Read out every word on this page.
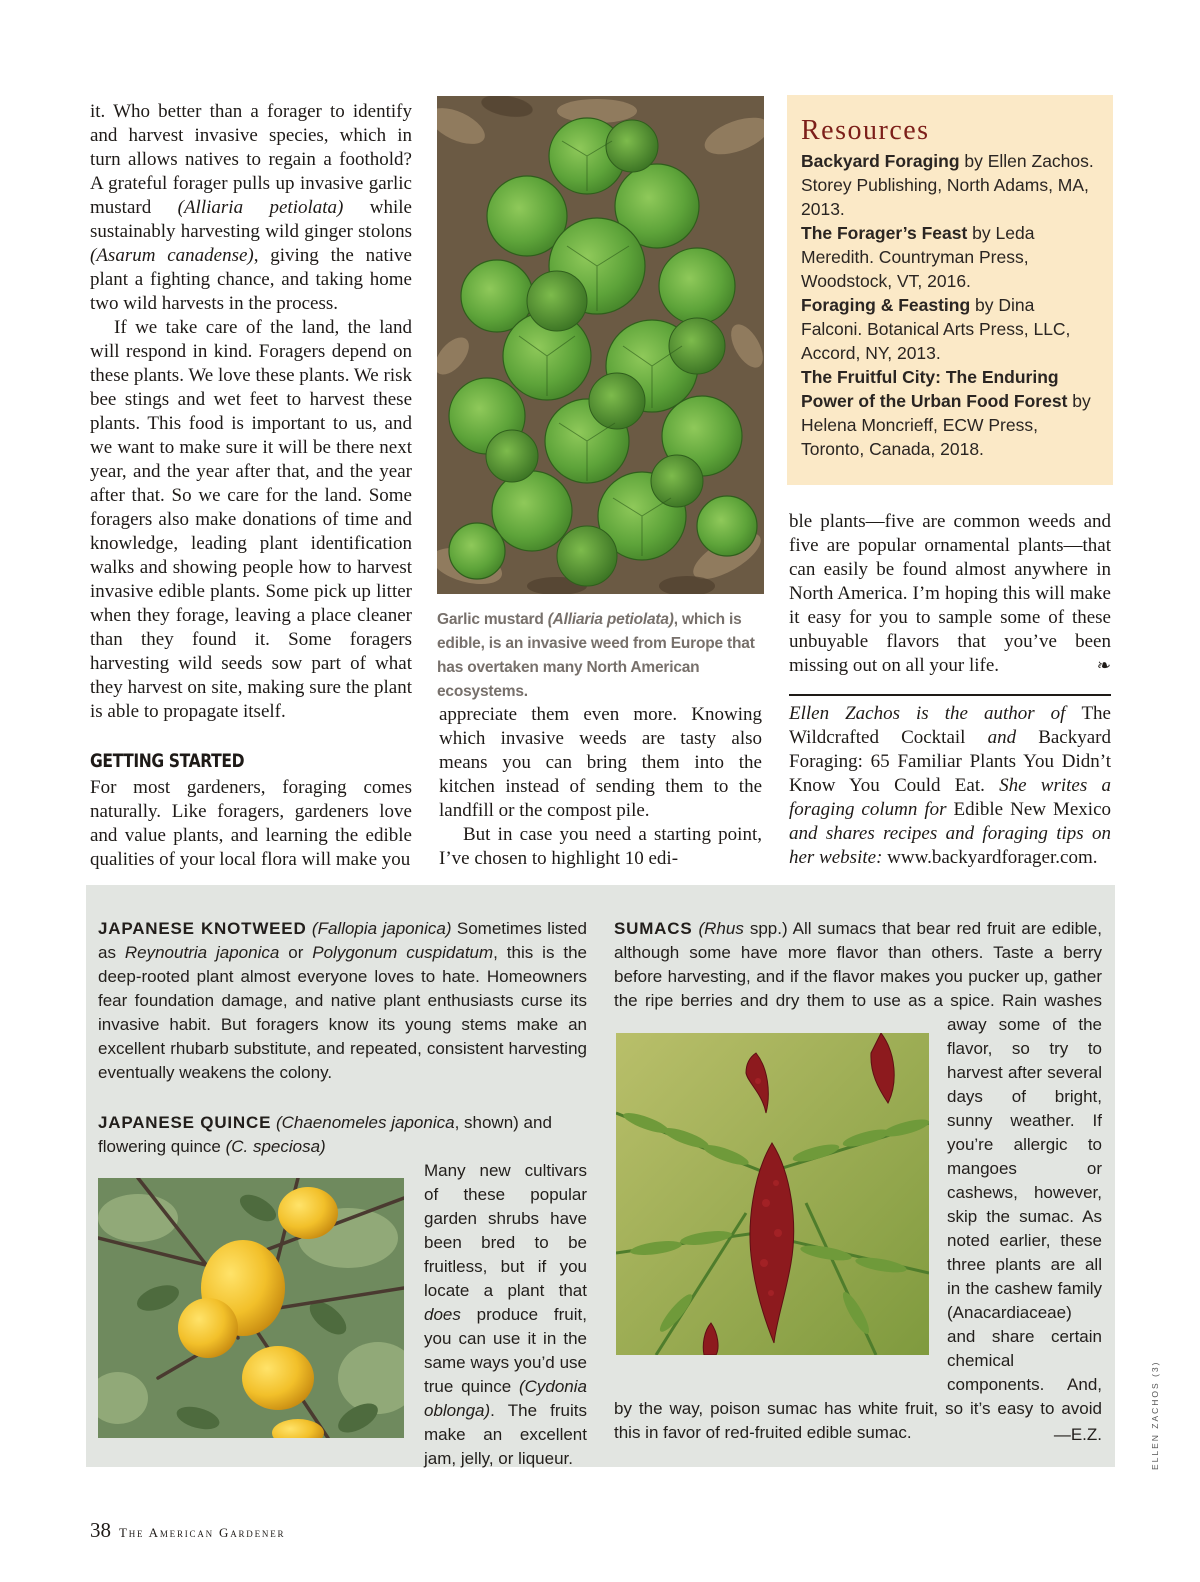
it. Who better than a forager to identify and harvest invasive species, which in turn allows natives to regain a foothold? A grateful forager pulls up invasive garlic mustard (Alliaria petiolata) while sustainably harvesting wild ginger stolons (Asarum canadense), giving the native plant a fighting chance, and taking home two wild harvests in the process.

If we take care of the land, the land will respond in kind. Foragers depend on these plants. We love these plants. We risk bee stings and wet feet to harvest these plants. This food is important to us, and we want to make sure it will be there next year, and the year after that, and the year after that. So we care for the land. Some foragers also make donations of time and knowledge, leading plant identification walks and showing people how to harvest invasive edible plants. Some pick up litter when they forage, leaving a place cleaner than they found it. Some foragers harvesting wild seeds sow part of what they harvest on site, making sure the plant is able to propagate itself.

GETTING STARTED

For most gardeners, foraging comes naturally. Like foragers, gardeners love and value plants, and learning the edible qualities of your local flora will make you

Garlic mustard (Alliaria petiolata), which is edible, is an invasive weed from Europe that has overtaken many North American ecosystems.

appreciate them even more. Knowing which invasive weeds are tasty also means you can bring them into the kitchen instead of sending them to the landfill or the compost pile.

But in case you need a starting point, I’ve chosen to highlight 10 edi-

Resources

Backyard Foraging by Ellen Zachos. Storey Publishing, North Adams, MA, 2013.

The Forager’s Feast by Leda Meredith. Countryman Press, Woodstock, VT, 2016.

Foraging & Feasting by Dina Falconi. Botanical Arts Press, LLC, Accord, NY, 2013.

The Fruitful City: The Enduring Power of the Urban Food Forest by Helena Moncrieff, ECW Press, Toronto, Canada, 2018.

ble plants—five are common weeds and five are popular ornamental plants—that can easily be found almost anywhere in North America. I’m hoping this will make it easy for you to sample some of these unbuyable flavors that you’ve been missing out on all your life.	❧

Ellen Zachos is the author of The Wildcrafted Cocktail and Backyard Foraging: 65 Familiar Plants You Didn’t Know You Could Eat. She writes a foraging column for Edible New Mexico and shares recipes and foraging tips on her website: www.backyardforager.com.
JAPANESE KNOTWEED (Fallopia japonica) Sometimes listed as Reynoutria japonica or Polygonum cuspidatum, this is the deep-rooted plant almost everyone loves to hate. Homeowners fear foundation damage, and native plant enthusiasts curse its invasive habit. But foragers know its young stems make an excellent rhubarb substitute, and repeated, consistent harvesting eventually weakens the colony.
JAPANESE QUINCE (Chaenomeles japonica, shown) and flowering quince (C. speciosa)
Many new cultivars of these popular garden shrubs have been bred to be fruitless, but if you locate a plant that does produce fruit, you can use it in the same ways you’d use true quince (Cydonia oblonga). The fruits make an excellent jam, jelly, or liqueur.
SUMACS (Rhus spp.) All sumacs that bear red fruit are edible, although some have more flavor than others. Taste a berry before harvesting, and if the flavor makes you pucker up, gather the ripe berries and dry them to use as a spice. Rain washes away some of the flavor, so try to harvest after several days of bright, sunny weather. If you’re allergic to mangoes or cashews, however, skip the sumac. As noted earlier, these three plants are all in the cashew family (Anacardiaceae) and share certain chemical components. And, by the way, poison sumac has white fruit, so it’s easy to avoid this in favor of red-fruited edible sumac.	—E.Z.	ELLEN ZACHOS (3)
38 The American Gardener
